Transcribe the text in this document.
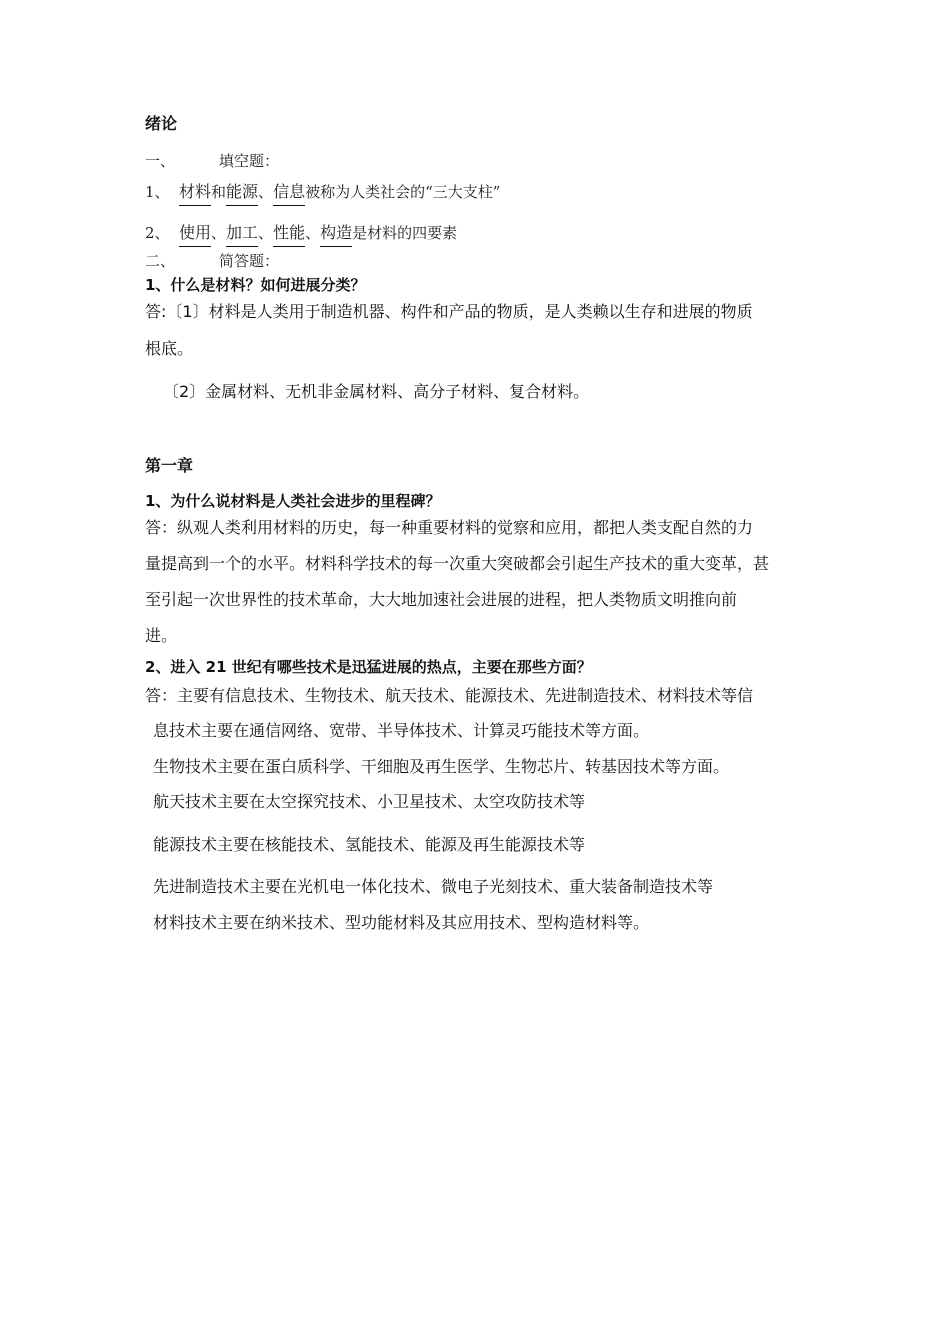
绪论
一、	填空题：
1、 材料和能源、信息被称为人类社会的“三大支柱”
2、 使用、加工、性能、构造是材料的四要素
二、	简答题：
1、什么是材料？如何进展分类？
答:〔1〕材料是人类用于制造机器、构件和产品的物质，是人类赖以生存和进展的物质
根底。
〔2〕金属材料、无机非金属材料、高分子材料、复合材料。
第一章
1、为什么说材料是人类社会进步的里程碑？
答：纵观人类利用材料的历史，每一种重要材料的觉察和应用，都把人类支配自然的力
量提高到一个的水平。材料科学技术的每一次重大突破都会引起生产技术的重大变革，甚
至引起一次世界性的技术革命，大大地加速社会进展的进程，把人类物质文明推向前
进。
2、进入 21 世纪有哪些技术是迅猛进展的热点，主要在那些方面？
答：主要有信息技术、生物技术、航天技术、能源技术、先进制造技术、材料技术等信
息技术主要在通信网络、宽带、半导体技术、计算灵巧能技术等方面。
生物技术主要在蛋白质科学、干细胞及再生医学、生物芯片、转基因技术等方面。
航天技术主要在太空探究技术、小卫星技术、太空攻防技术等
能源技术主要在核能技术、氢能技术、能源及再生能源技术等
先进制造技术主要在光机电一体化技术、微电子光刻技术、重大装备制造技术等
材料技术主要在纳米技术、型功能材料及其应用技术、型构造材料等。
